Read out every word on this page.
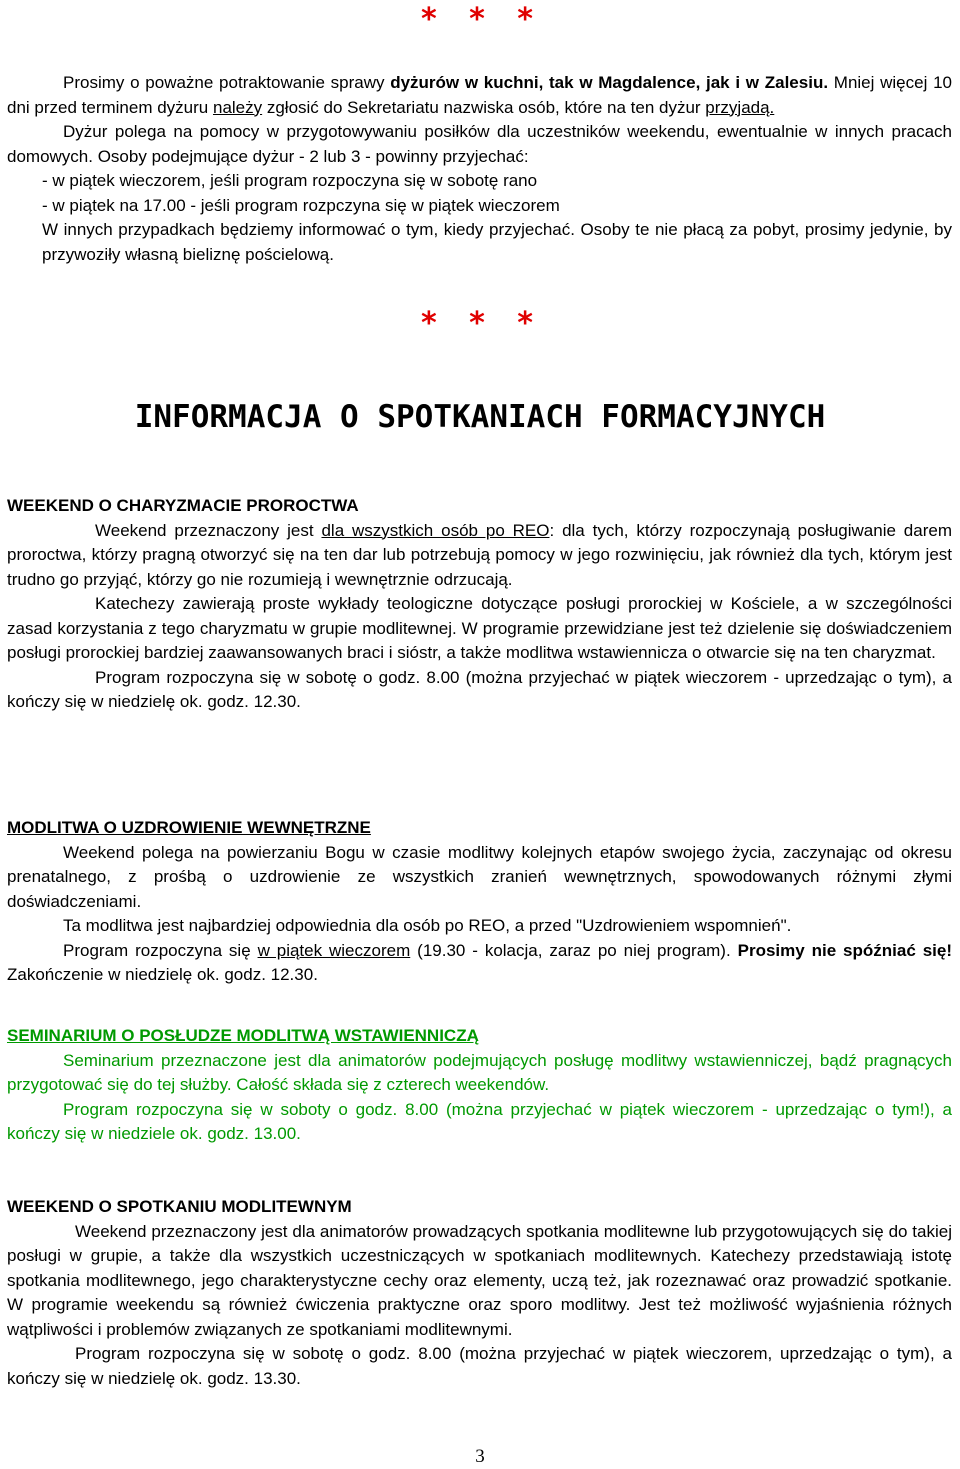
* * *

Prosimy o poważne potraktowanie sprawy dyżurów w kuchni, tak w Magdalence, jak i w Zalesiu. Mniej więcej 10 dni przed terminem dyżuru należy zgłosić do Sekretariatu nazwiska osób, które na ten dyżur przyjadą.

Dyżur polega na pomocy w przygotowywaniu posiłków dla uczestników weekendu, ewentualnie w innych pracach domowych. Osoby podejmujące dyżur - 2 lub 3 - powinny przyjechać:

- w piątek wieczorem, jeśli program rozpoczyna się w sobotę rano
- w piątek na 17.00 - jeśli program rozpczyna się w piątek wieczorem

W innych przypadkach będziemy informować o tym, kiedy przyjechać. Osoby te nie płacą za pobyt, prosimy jedynie, by przywoziły własną bieliznę pościelową.

* * *
INFORMACJA O SPOTKANIACH FORMACYJNYCH

WEEKEND O CHARYZMACIE PROROCTWA

Weekend przeznaczony jest dla wszystkich osób po REO: dla tych, którzy rozpoczynają posługiwanie darem proroctwa, którzy pragną otworzyć się na ten dar lub potrzebują pomocy w jego rozwinięciu, jak również dla tych, którym jest trudno go przyjąć, którzy go nie rozumieją i wewnętrznie odrzucają.

Katechezy zawierają proste wykłady teologiczne dotyczące posługi prorockiej w Kościele, a w szczególności zasad korzystania z tego charyzmatu w grupie modlitewnej. W programie przewidziane jest też dzielenie się doświadczeniem posługi prorockiej bardziej zaawansowanych braci i sióstr, a także modlitwa wstawiennicza o otwarcie się na ten charyzmat.

Program rozpoczyna się w sobotę o godz. 8.00 (można przyjechać w piątek wieczorem - uprzedzając o tym), a kończy się w niedzielę ok. godz. 12.30.

MODLITWA O UZDROWIENIE WEWNĘTRZNE

Weekend polega na powierzaniu Bogu w czasie modlitwy kolejnych etapów swojego życia, zaczynając od okresu prenatalnego, z prośbą o uzdrowienie ze wszystkich zranień wewnętrznych, spowodowanych różnymi złymi doświadczeniami.

Ta modlitwa jest najbardziej odpowiednia dla osób po REO, a przed "Uzdrowieniem wspomnień".

Program rozpoczyna się w piątek wieczorem (19.30 - kolacja, zaraz po niej program). Prosimy nie spóźniać się! Zakończenie w niedzielę ok. godz. 12.30.

SEMINARIUM O POSŁUDZE MODLITWĄ WSTAWIENNICZĄ

Seminarium przeznaczone jest dla animatorów podejmujących posługę modlitwy wstawienniczej, bądź pragnących przygotować się do tej służby. Całość składa się z czterech weekendów.

Program rozpoczyna się w soboty o godz. 8.00 (można przyjechać w piątek wieczorem - uprzedzając o tym!), a kończy się w niedziele ok. godz. 13.00.

WEEKEND O SPOTKANIU MODLITEWNYM

Weekend przeznaczony jest dla animatorów prowadzących spotkania modlitewne lub przygotowujących się do takiej posługi w grupie, a także dla wszystkich uczestniczących w spotkaniach modlitewnych. Katechezy przedstawiają istotę spotkania modlitewnego, jego charakterystyczne cechy oraz elementy, uczą też, jak rozeznawać oraz prowadzić spotkanie. W programie weekendu są również ćwiczenia praktyczne oraz sporo modlitwy. Jest też możliwość wyjaśnienia różnych wątpliwości i problemów związanych ze spotkaniami modlitewnymi.

Program rozpoczyna się w sobotę o godz. 8.00 (można przyjechać w piątek wieczorem, uprzedzając o tym), a kończy się w niedzielę ok. godz. 13.30.

3
